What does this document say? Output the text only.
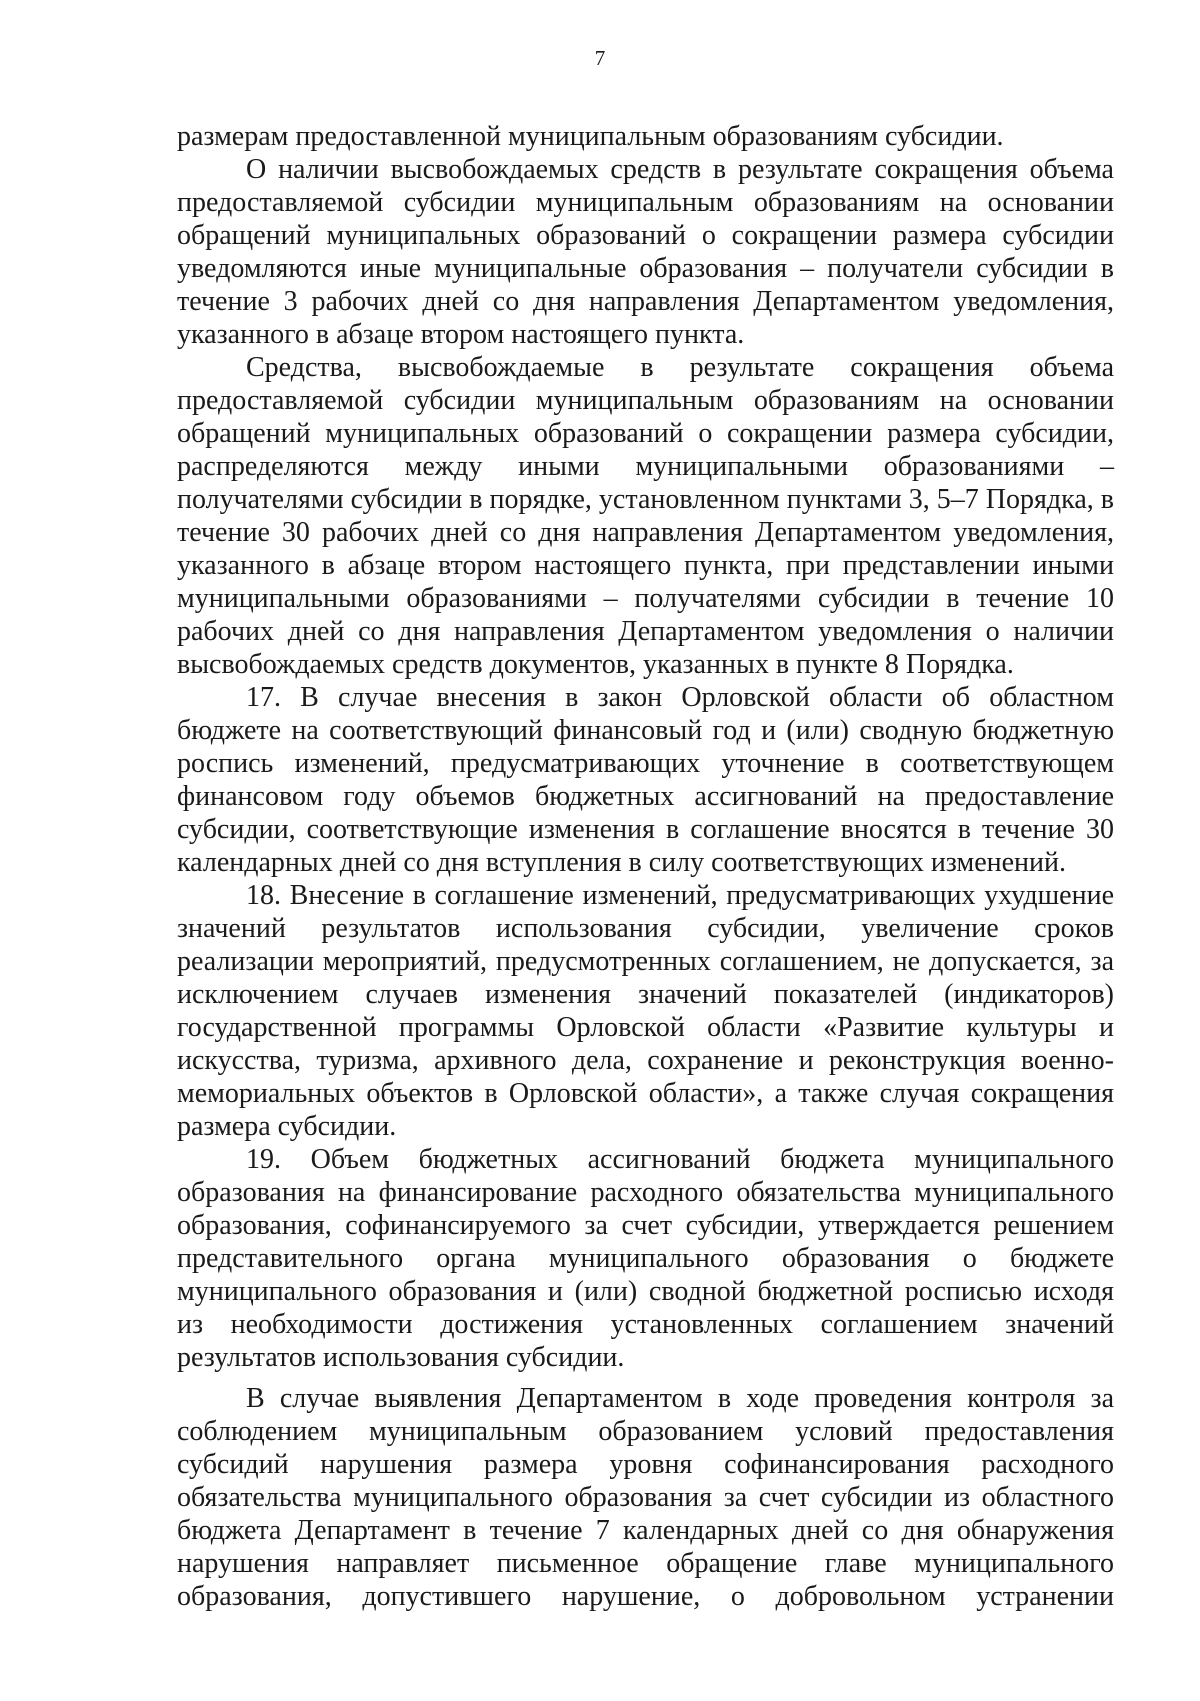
7

размерам предоставленной муниципальным образованиям субсидии.

О наличии высвобождаемых средств в результате сокращения объема предоставляемой субсидии муниципальным образованиям на основании обращений муниципальных образований о сокращении размера субсидии уведомляются иные муниципальные образования – получатели субсидии в течение 3 рабочих дней со дня направления Департаментом уведомления, указанного в абзаце втором настоящего пункта.

Средства, высвобождаемые в результате сокращения объема предоставляемой субсидии муниципальным образованиям на основании обращений муниципальных образований о сокращении размера субсидии, распределяются между иными муниципальными образованиями – получателями субсидии в порядке, установленном пунктами 3, 5–7 Порядка, в течение 30 рабочих дней со дня направления Департаментом уведомления, указанного в абзаце втором настоящего пункта, при представлении иными муниципальными образованиями – получателями субсидии в течение 10 рабочих дней со дня направления Департаментом уведомления о наличии высвобождаемых средств документов, указанных в пункте 8 Порядка.

17. В случае внесения в закон Орловской области об областном бюджете на соответствующий финансовый год и (или) сводную бюджетную роспись изменений, предусматривающих уточнение в соответствующем финансовом году объемов бюджетных ассигнований на предоставление субсидии, соответствующие изменения в соглашение вносятся в течение 30 календарных дней со дня вступления в силу соответствующих изменений.

18. Внесение в соглашение изменений, предусматривающих ухудшение значений результатов использования субсидии, увеличение сроков реализации мероприятий, предусмотренных соглашением, не допускается, за исключением случаев изменения значений показателей (индикаторов) государственной программы Орловской области «Развитие культуры и искусства, туризма, архивного дела, сохранение и реконструкция военно-мемориальных объектов в Орловской области», а также случая сокращения размера субсидии.

19. Объем бюджетных ассигнований бюджета муниципального образования на финансирование расходного обязательства муниципального образования, софинансируемого за счет субсидии, утверждается решением представительного органа муниципального образования о бюджете муниципального образования и (или) сводной бюджетной росписью исходя из необходимости достижения установленных соглашением значений результатов использования субсидии.

В случае выявления Департаментом в ходе проведения контроля за соблюдением муниципальным образованием условий предоставления субсидий нарушения размера уровня софинансирования расходного обязательства муниципального образования за счет субсидии из областного бюджета Департамент в течение 7 календарных дней со дня обнаружения нарушения направляет письменное обращение главе муниципального образования, допустившего нарушение, о добровольном устранении
